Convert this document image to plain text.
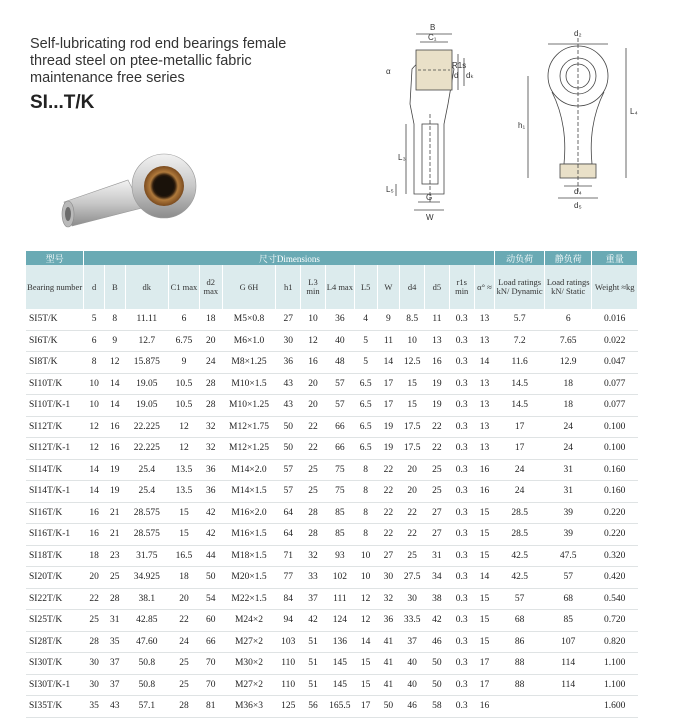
Self-lubricating rod end bearings female
thread steel on ptee-metallic fabric
maintenance free series
SI...T/K
B
C₁
R1s
α	d dₖ
L₃
L₅
G
W
d₂
h₁
L₄
d₄
d₅
型号	尺寸Dimensions															动负荷	静负荷	重量
Bearing number	d	B	dk	C1 max	d2 max	G 6H	h1	L3 min	L4 max	L5	W	d4	d5	r1s min	α° ≈	Load ratings kN/ Dynamic	Load ratings kN/ Static	Weight ≈kg
SI5T/K	5	8	11.11	6	18	M5×0.8	27	10	36	4	9	8.5	11	0.3	13	5.7	6	0.016
SI6T/K	6	9	12.7	6.75	20	M6×1.0	30	12	40	5	11	10	13	0.3	13	7.2	7.65	0.022
SI8T/K	8	12	15.875	9	24	M8×1.25	36	16	48	5	14	12.5	16	0.3	14	11.6	12.9	0.047
SI10T/K	10	14	19.05	10.5	28	M10×1.5	43	20	57	6.5	17	15	19	0.3	13	14.5	18	0.077
SI10T/K-1	10	14	19.05	10.5	28	M10×1.25	43	20	57	6.5	17	15	19	0.3	13	14.5	18	0.077
SI12T/K	12	16	22.225	12	32	M12×1.75	50	22	66	6.5	19	17.5	22	0.3	13	17	24	0.100
SI12T/K-1	12	16	22.225	12	32	M12×1.25	50	22	66	6.5	19	17.5	22	0.3	13	17	24	0.100
SI14T/K	14	19	25.4	13.5	36	M14×2.0	57	25	75	8	22	20	25	0.3	16	24	31	0.160
SI14T/K-1	14	19	25.4	13.5	36	M14×1.5	57	25	75	8	22	20	25	0.3	16	24	31	0.160
SI16T/K	16	21	28.575	15	42	M16×2.0	64	28	85	8	22	22	27	0.3	15	28.5	39	0.220
SI16T/K-1	16	21	28.575	15	42	M16×1.5	64	28	85	8	22	22	27	0.3	15	28.5	39	0.220
SI18T/K	18	23	31.75	16.5	44	M18×1.5	71	32	93	10	27	25	31	0.3	15	42.5	47.5	0.320
SI20T/K	20	25	34.925	18	50	M20×1.5	77	33	102	10	30	27.5	34	0.3	14	42.5	57	0.420
SI22T/K	22	28	38.1	20	54	M22×1.5	84	37	111	12	32	30	38	0.3	15	57	68	0.540
SI25T/K	25	31	42.85	22	60	M24×2	94	42	124	12	36	33.5	42	0.3	15	68	85	0.720
SI28T/K	28	35	47.60	24	66	M27×2	103	51	136	14	41	37	46	0.3	15	86	107	0.820
SI30T/K	30	37	50.8	25	70	M30×2	110	51	145	15	41	40	50	0.3	17	88	114	1.100
SI30T/K-1	30	37	50.8	25	70	M27×2	110	51	145	15	41	40	50	0.3	17	88	114	1.100
SI35T/K	35	43	57.1	28	81	M36×3	125	56	165.5	17	50	46	58	0.3	16			1.600
